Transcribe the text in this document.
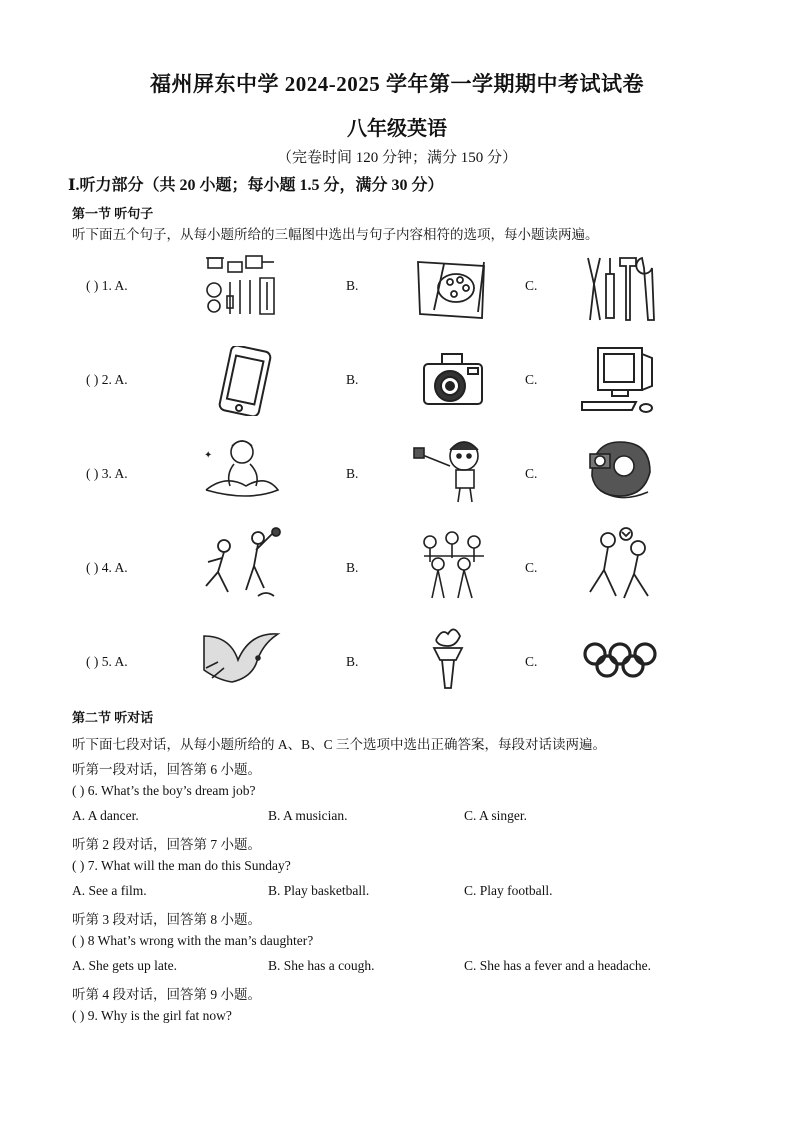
福州屏东中学 2024-2025 学年第一学期期中考试试卷
八年级英语
（完卷时间 120 分钟；满分 150 分）
Ⅰ.听力部分（共 20 小题；每小题 1.5 分，满分 30 分）
第一节 听句子
听下面五个句子，从每小题所给的三幅图中选出与句子内容相符的选项，每小题读两遍。
( ) 1. A.	B.	C.
( ) 2. A.	B.	C.
( ) 3. A.	B.	C.
✦
( ) 4. A.	B.	C.
( ) 5. A.	B.	C.
第二节 听对话
听下面七段对话，从每小题所给的 A、B、C 三个选项中选出正确答案，每段对话读两遍。
听第一段对话，回答第 6 小题。
( ) 6. What’s the boy’s dream job?
A. A dancer.	B. A musician.	C. A singer.
听第 2 段对话，回答第 7 小题。
( ) 7. What will the man do this Sunday?
A. See a film.	B. Play basketball.	C. Play football.
听第 3 段对话，回答第 8 小题。
( ) 8 What’s wrong with the man’s daughter?
A. She gets up late.	B. She has a cough.	C. She has a fever and a headache.
听第 4 段对话，回答第 9 小题。
( ) 9. Why is the girl fat now?
